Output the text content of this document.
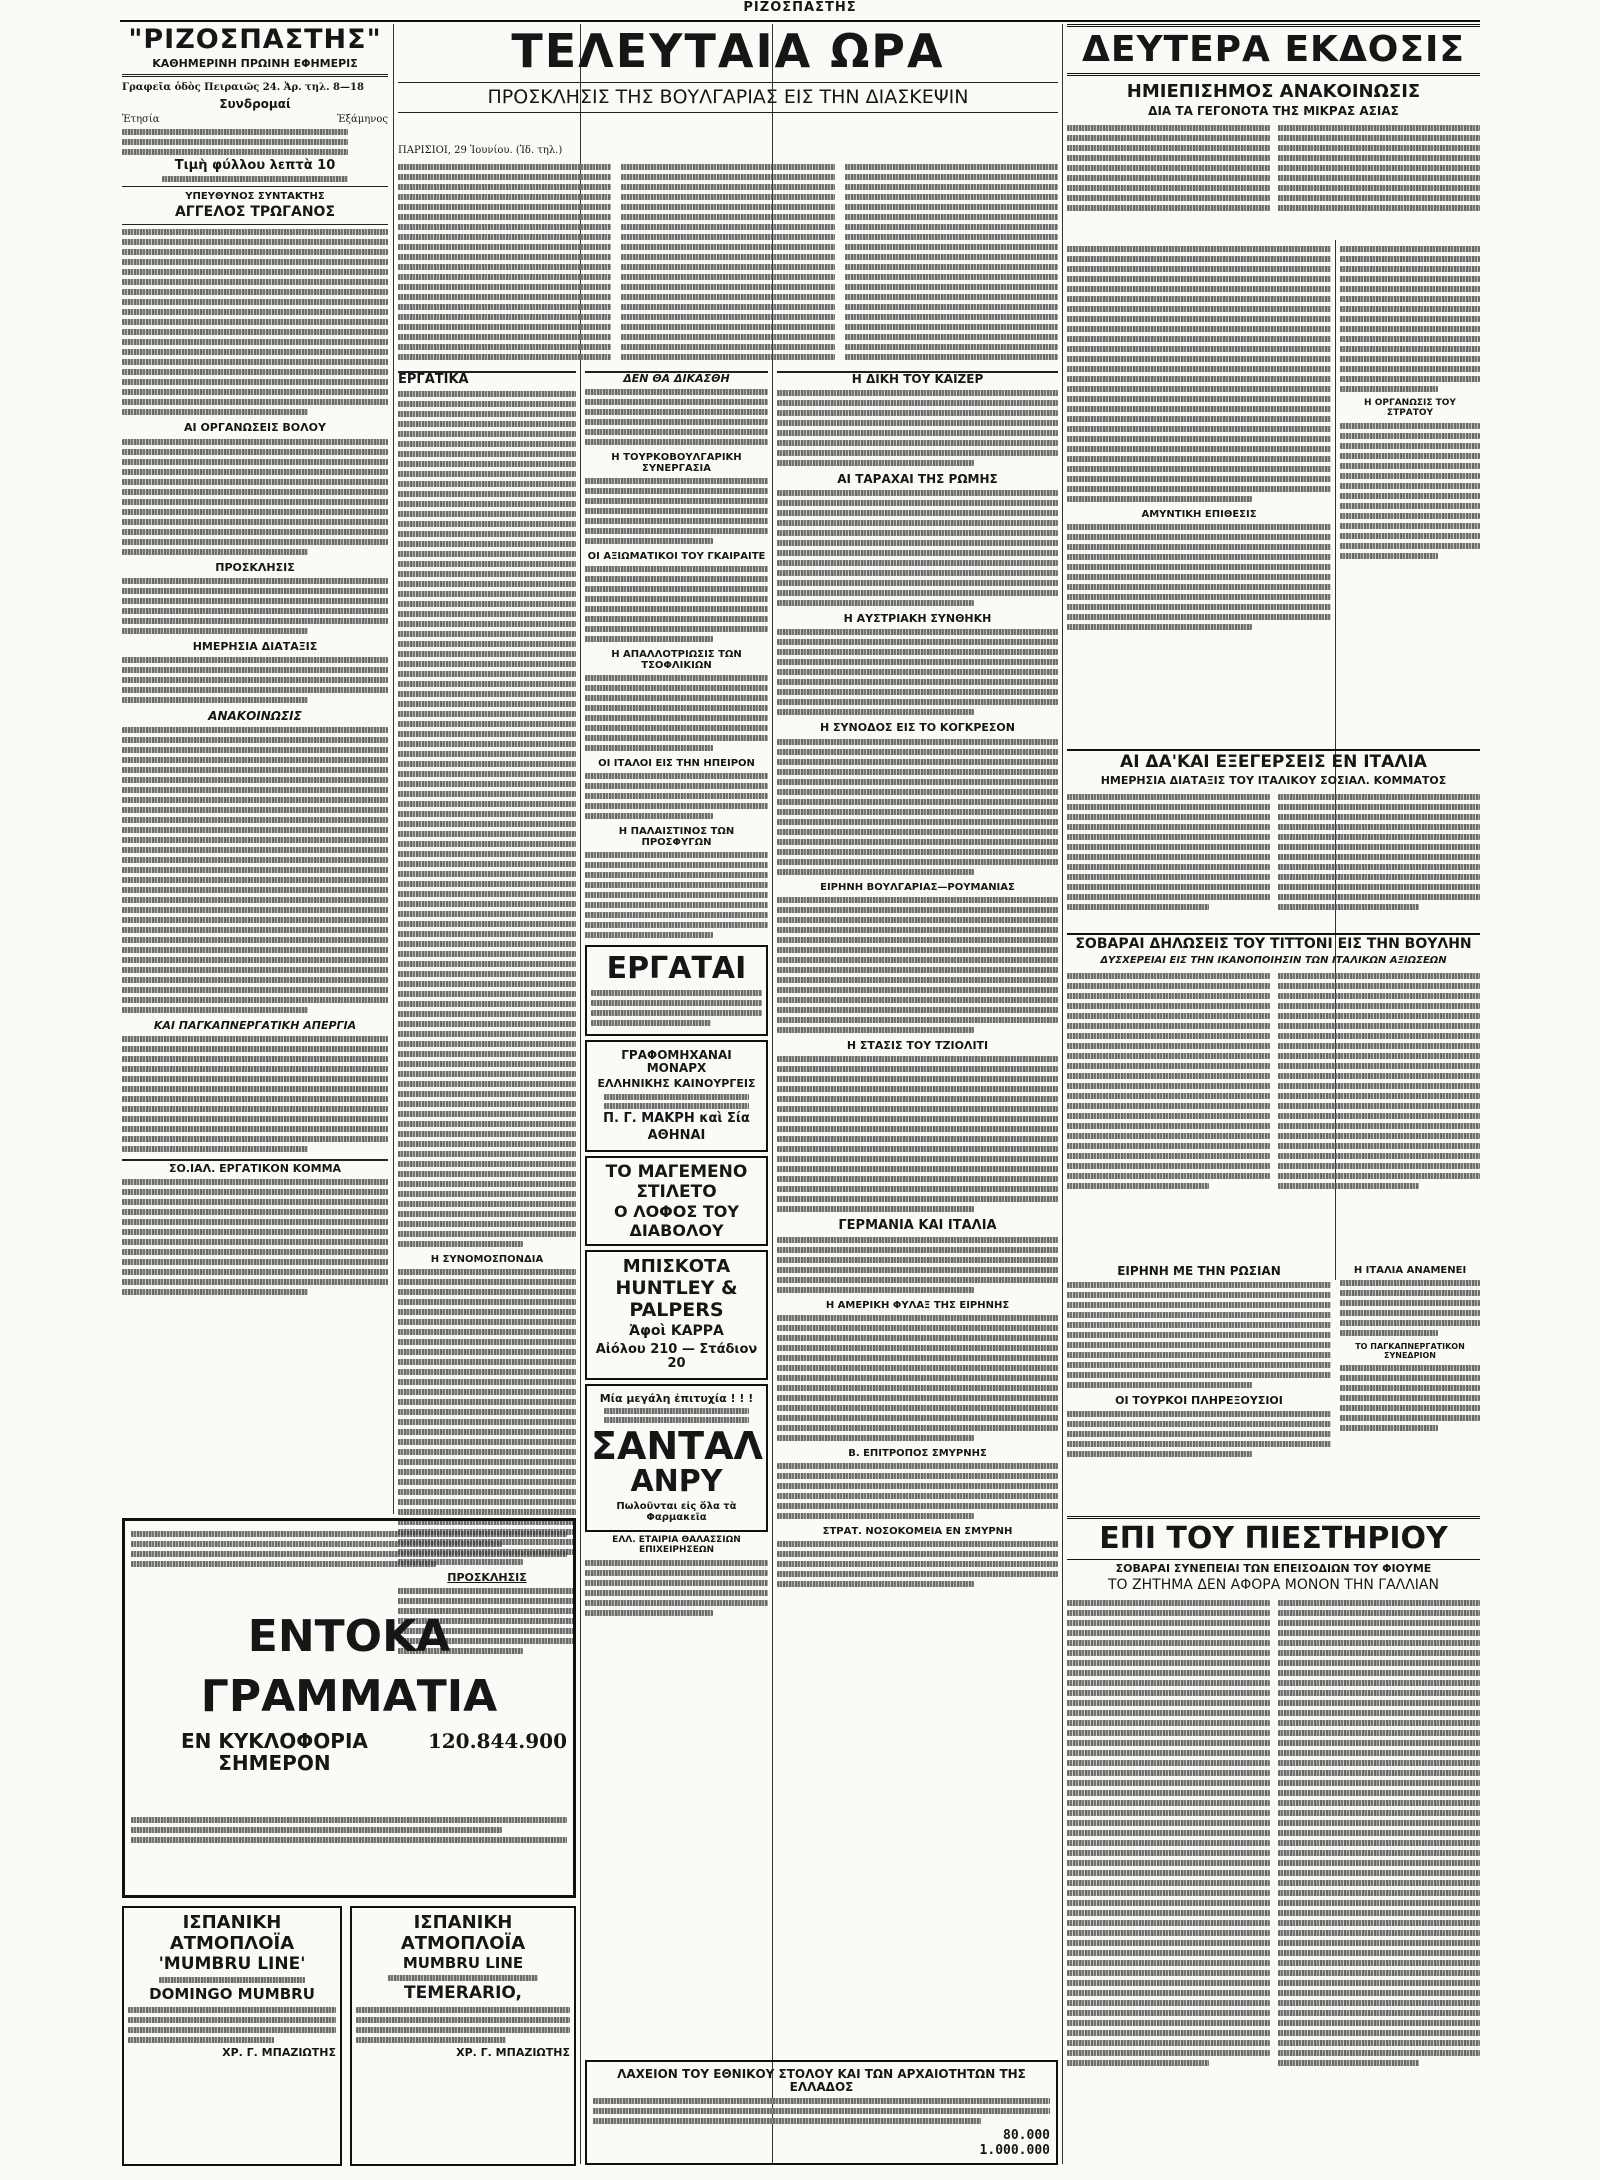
ΡΙΖΟΣΠΑΣΤΗΣ
"ΡΙΖΟΣΠΑΣΤΗΣ"
ΚΑΘΗΜΕΡΙΝΗ ΠΡΩΙΝΗ ΕΦΗΜΕΡΙΣ
Γραφεῖα ὁδὸς Πειραιῶς 24. Ἀρ. τηλ. 8—18
Συνδρομαί
Ἐτησία	Ἐξάμηνος
Τιμὴ φύλλου λεπτὰ 10
ΥΠΕΥΘΥΝΟΣ ΣΥΝΤΑΚΤΗΣ
ΑΓΓΕΛΟΣ ΤΡΩΓΑΝΟΣ
ΑΙ ΟΡΓΑΝΩΣΕΙΣ ΒΟΛΟΥ
ΠΡΟΣΚΛΗΣΙΣ
ΗΜΕΡΗΣΙΑ ΔΙΑΤΑΞΙΣ
ΑΝΑΚΟΙΝΩΣΙΣ
ΚΑΙ ΠΑΓΚΑΠΝΕΡΓΑΤΙΚΗ ΑΠΕΡΓΙΑ
ΣΟ.ΙΑΛ. ΕΡΓΑΤΙΚΟΝ ΚΟΜΜΑ
ΤΕΛΕΥΤΑΙΑ ΩΡΑ
ΠΡΟΣΚΛΗΣΙΣ ΤΗΣ ΒΟΥΛΓΑΡΙΑΣ ΕΙΣ ΤΗΝ ΔΙΑΣΚΕΨΙΝ
ΠΑΡΙΣΙΟΙ, 29 Ἰουνίου. (Ἰδ. τηλ.)
ΕΡΓΑΤΙΚΑ
Η ΣΥΝΟΜΟΣΠΟΝΔΙΑ
ΠΡΟΣΚΛΗΣΙΣ
ΔΕΝ ΘΑ ΔΙΚΑΣΘΗ
Η ΤΟΥΡΚΟΒΟΥΛΓΑΡΙΚΗ ΣΥΝΕΡΓΑΣΙΑ
ΟΙ ΑΞΙΩΜΑΤΙΚΟΙ ΤΟΥ ΓΚΑΙΡΑΙΤΕ
Η ΑΠΑΛΛΟΤΡΙΩΣΙΣ ΤΩΝ ΤΣΟΦΛΙΚΙΩΝ
ΟΙ ΙΤΑΛΟΙ ΕΙΣ ΤΗΝ ΗΠΕΙΡΟΝ
Η ΠΑΛΑΙΣΤΙΝΟΣ ΤΩΝ ΠΡΟΣΦΥΓΩΝ
ΕΡΓΑΤΑΙ
ΓΡΑΦΟΜΗΧΑΝΑΙ ΜΟΝΑΡΧ
ΕΛΛΗΝΙΚΗΣ ΚΑΙΝΟΥΡΓΕΙΣ
Π. Γ. ΜΑΚΡΗ καὶ Σία
ΑΘΗΝΑΙ
ΤΟ ΜΑΓΕΜΕΝΟ ΣΤΙΛΕΤΟ
Ο ΛΟΦΟΣ ΤΟΥ ΔΙΑΒΟΛΟΥ
ΜΠΙΣΚΟΤΑ
HUNTLEY & PALPERS
Ἀφοὶ ΚΑΡΡΑ
Αἰόλου 210 — Στάδιον 20
Μία μεγάλη ἐπιτυχία ! ! !
ΣΑΝΤΑΛ
ΑΝΡΥ
Πωλοῦνται εἰς ὅλα τὰ Φαρμακεῖα
ΕΛΛ. ΕΤΑΙΡΙΑ ΘΑΛΑΣΣΙΩΝ ΕΠΙΧΕΙΡΗΣΕΩΝ
ΛΑΧΕΙΟΝ ΤΟΥ ΕΘΝΙΚΟΥ ΣΤΟΛΟΥ ΚΑΙ ΤΩΝ ΑΡΧΑΙΟΤΗΤΩΝ ΤΗΣ ΕΛΛΑΔΟΣ
80.000
1.000.000
Η ΔΙΚΗ ΤΟΥ ΚΑΪΖΕΡ
ΑΙ ΤΑΡΑΧΑΙ ΤΗΣ ΡΩΜΗΣ
Η ΑΥΣΤΡΙΑΚΗ ΣΥΝΘΗΚΗ
Η ΣΥΝΟΔΟΣ ΕΙΣ ΤΟ ΚΟΓΚΡΕΣΟΝ
ΕΙΡΗΝΗ ΒΟΥΛΓΑΡΙΑΣ—ΡΟΥΜΑΝΙΑΣ
Η ΣΤΑΣΙΣ ΤΟΥ ΤΖΙΟΛΙΤΙ
ΓΕΡΜΑΝΙΑ ΚΑΙ ΙΤΑΛΙΑ
Η ΑΜΕΡΙΚΗ ΦΥΛΑΞ ΤΗΣ ΕΙΡΗΝΗΣ
Β. ΕΠΙΤΡΟΠΟΣ ΣΜΥΡΝΗΣ
ΣΤΡΑΤ. ΝΟΣΟΚΟΜΕΙΑ ΕΝ ΣΜΥΡΝΗ
ΔΕΥΤΕΡΑ ΕΚΔΟΣΙΣ
ΗΜΙΕΠΙΣΗΜΟΣ ΑΝΑΚΟΙΝΩΣΙΣ
ΔΙΑ ΤΑ ΓΕΓΟΝΟΤΑ ΤΗΣ ΜΙΚΡΑΣ ΑΣΙΑΣ
ΑΜΥΝΤΙΚΗ ΕΠΙΘΕΣΙΣ
Η ΟΡΓΑΝΩΣΙΣ ΤΟΥ ΣΤΡΑΤΟΥ
ΑΙ ΔΑ'ΚΑΙ ΕΞΕΓΕΡΣΕΙΣ ΕΝ ΙΤΑΛΙΑ
ΗΜΕΡΗΣΙΑ ΔΙΑΤΑΞΙΣ ΤΟΥ ΙΤΑΛΙΚΟΥ ΣΟΣΙΑΛ. ΚΟΜΜΑΤΟΣ
ΣΟΒΑΡΑΙ ΔΗΛΩΣΕΙΣ ΤΟΥ ΤΙΤΤΟΝΙ ΕΙΣ ΤΗΝ ΒΟΥΛΗΝ
ΔΥΣΧΕΡΕΙΑΙ ΕΙΣ ΤΗΝ ΙΚΑΝΟΠΟΙΗΣΙΝ ΤΩΝ ΙΤΑΛΙΚΩΝ ΑΞΙΩΣΕΩΝ
ΕΙΡΗΝΗ ΜΕ ΤΗΝ ΡΩΣΙΑΝ
ΟΙ ΤΟΥΡΚΟΙ ΠΛΗΡΕΞΟΥΣΙΟΙ
Η ΙΤΑΛΙΑ ΑΝΑΜΕΝΕΙ
ΤΟ ΠΑΓΚΑΠΝΕΡΓΑΤΙΚΟΝ ΣΥΝΕΔΡΙΟΝ
ΕΠΙ ΤΟΥ ΠΙΕΣΤΗΡΙΟΥ
ΣΟΒΑΡΑΙ ΣΥΝΕΠΕΙΑΙ ΤΩΝ ΕΠΕΙΣΟΔΙΩΝ ΤΟΥ ΦΙΟΥΜΕ
ΤΟ ΖΗΤΗΜΑ ΔΕΝ ΑΦΟΡΑ ΜΟΝΟΝ ΤΗΝ ΓΑΛΛΙΑΝ
ΕΝΤΟΚΑ ΓΡΑΜΜΑΤΙΑ
ΕΝ ΚΥΚΛΟΦΟΡΙΑ ΣΗΜΕΡΟΝ
120.844.900
ΙΣΠΑΝΙΚΗ ΑΤΜΟΠΛΟΪΑ
'MUMBRU LINE'
DOMINGO MUMBRU
ΧΡ. Γ. ΜΠΑΖΙΩΤΗΣ
ΙΣΠΑΝΙΚΗ ΑΤΜΟΠΛΟΪΑ
MUMBRU LINE
TEMERARIO,
ΧΡ. Γ. ΜΠΑΖΙΩΤΗΣ
